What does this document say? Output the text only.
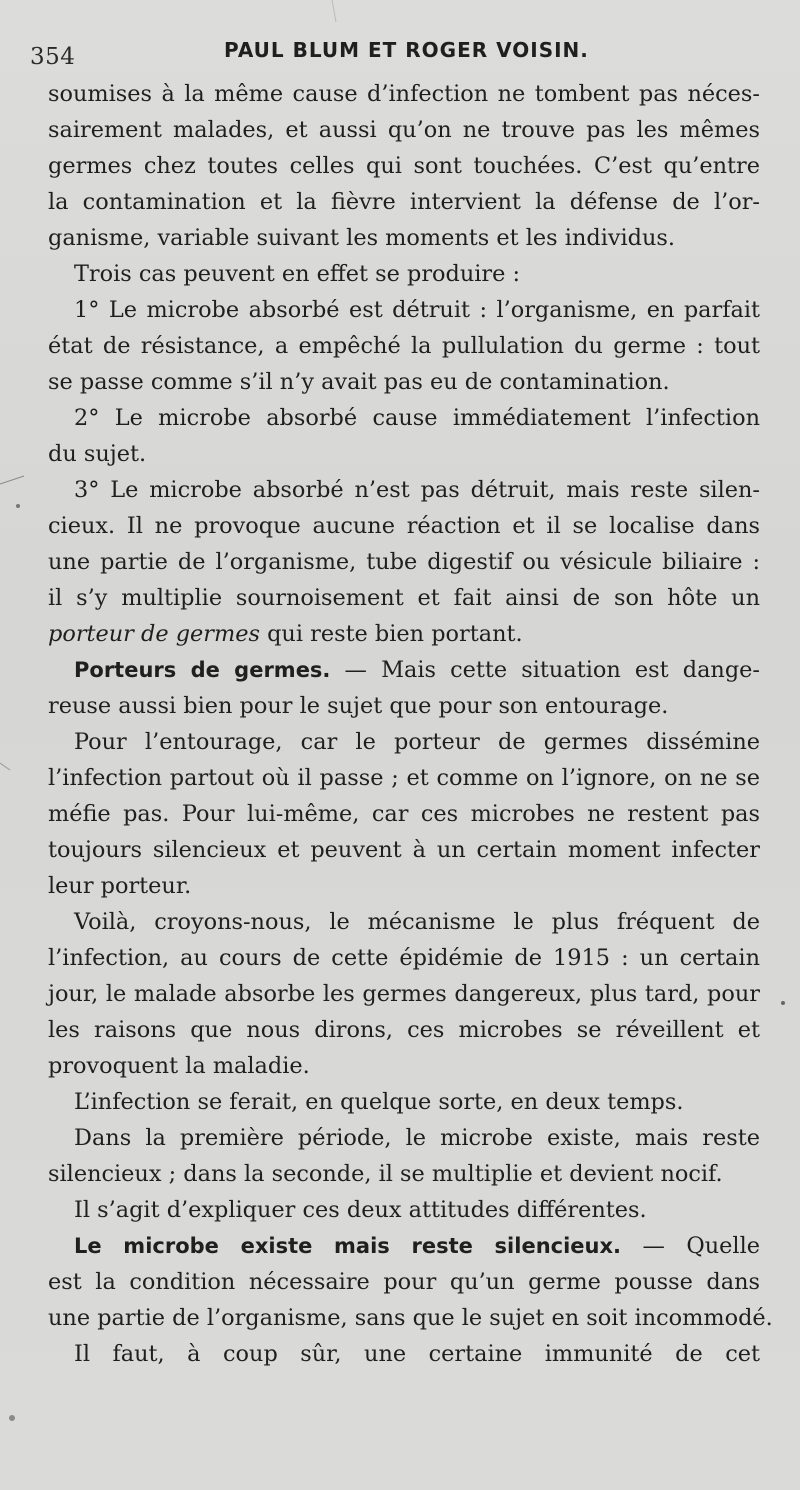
354	PAUL BLUM ET ROGER VOISIN.
soumises à la même cause d’infection ne tombent pas néces-
sairement malades, et aussi qu’on ne trouve pas les mêmes
germes chez toutes celles qui sont touchées. C’est qu’entre
la contamination et la fièvre intervient la défense de l’or-
ganisme, variable suivant les moments et les individus.
Trois cas peuvent en effet se produire :
1° Le microbe absorbé est détruit : l’organisme, en parfait
état de résistance, a empêché la pullulation du germe : tout
se passe comme s’il n’y avait pas eu de contamination.
2° Le microbe absorbé cause immédiatement l’infection
du sujet.
3° Le microbe absorbé n’est pas détruit, mais reste silen-
cieux. Il ne provoque aucune réaction et il se localise dans
une partie de l’organisme, tube digestif ou vésicule biliaire :
il s’y multiplie sournoisement et fait ainsi de son hôte un
porteur de germes qui reste bien portant.
Porteurs de germes. — Mais cette situation est dange-
reuse aussi bien pour le sujet que pour son entourage.
Pour l’entourage, car le porteur de germes dissémine
l’infection partout où il passe ; et comme on l’ignore, on ne se
méfie pas. Pour lui-même, car ces microbes ne restent pas
toujours silencieux et peuvent à un certain moment infecter
leur porteur.
Voilà, croyons-nous, le mécanisme le plus fréquent de
l’infection, au cours de cette épidémie de 1915 : un certain
jour, le malade absorbe les germes dangereux, plus tard, pour
les raisons que nous dirons, ces microbes se réveillent et
provoquent la maladie.
L’infection se ferait, en quelque sorte, en deux temps.
Dans la première période, le microbe existe, mais reste
silencieux ; dans la seconde, il se multiplie et devient nocif.
Il s’agit d’expliquer ces deux attitudes différentes.
Le microbe existe mais reste silencieux. — Quelle
est la condition nécessaire pour qu’un germe pousse dans
une partie de l’organisme, sans que le sujet en soit incommodé.
Il faut, à coup sûr, une certaine immunité de cet
